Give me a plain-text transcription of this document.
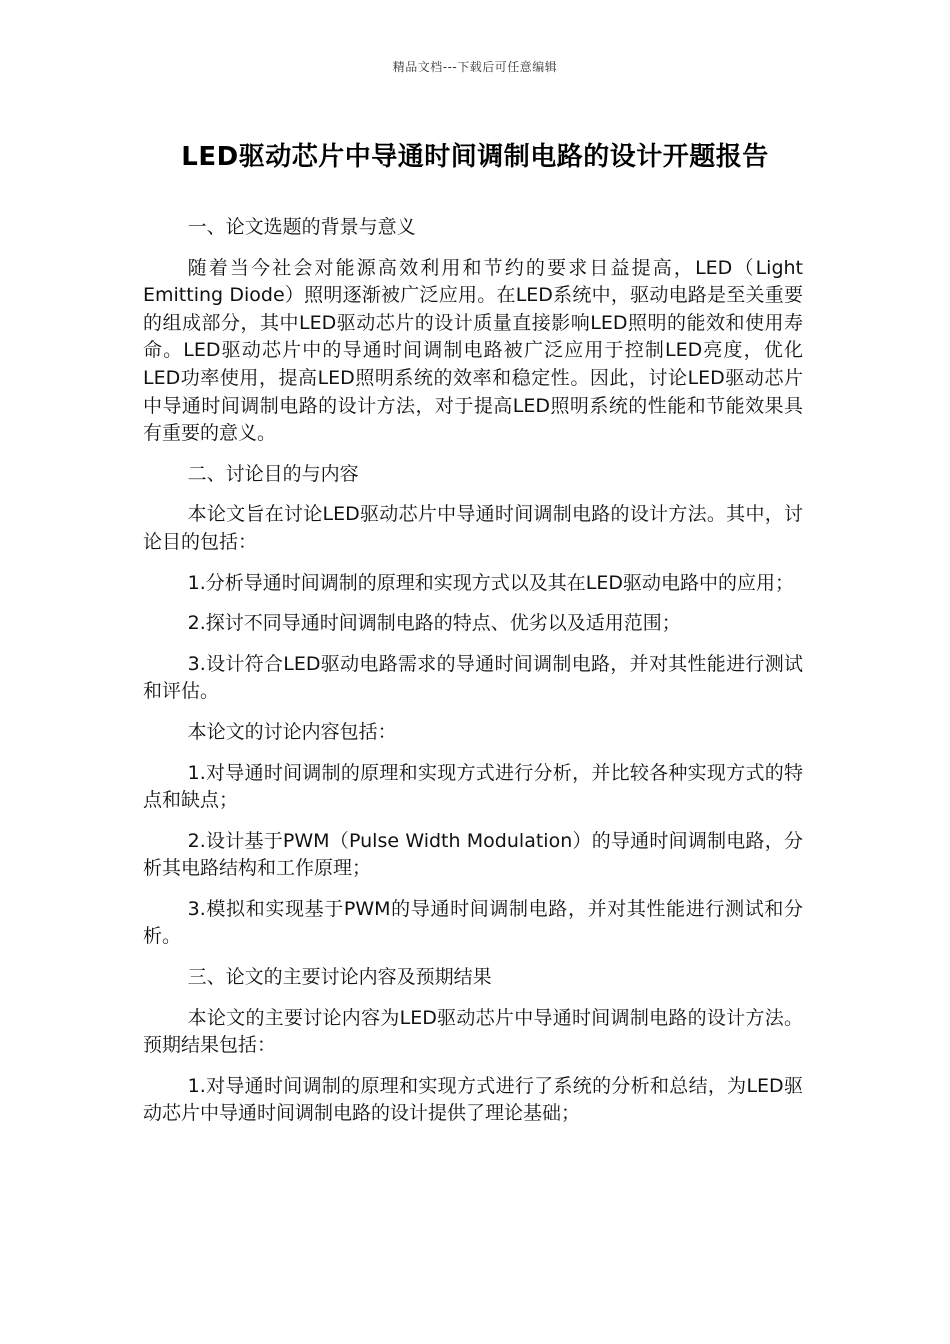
精品文档---下载后可任意编辑
LED驱动芯片中导通时间调制电路的设计开题报告

一、论文选题的背景与意义

随着当今社会对能源高效利用和节约的要求日益提高，LED（Light Emitting Diode）照明逐渐被广泛应用。在LED系统中，驱动电路是至关重要的组成部分，其中LED驱动芯片的设计质量直接影响LED照明的能效和使用寿命。LED驱动芯片中的导通时间调制电路被广泛应用于控制LED亮度，优化LED功率使用，提高LED照明系统的效率和稳定性。因此，讨论LED驱动芯片中导通时间调制电路的设计方法，对于提高LED照明系统的性能和节能效果具有重要的意义。

二、讨论目的与内容

本论文旨在讨论LED驱动芯片中导通时间调制电路的设计方法。其中，讨论目的包括：

1.分析导通时间调制的原理和实现方式以及其在LED驱动电路中的应用；

2.探讨不同导通时间调制电路的特点、优劣以及适用范围；

3.设计符合LED驱动电路需求的导通时间调制电路，并对其性能进行测试和评估。

本论文的讨论内容包括：

1.对导通时间调制的原理和实现方式进行分析，并比较各种实现方式的特点和缺点；

2.设计基于PWM（Pulse Width Modulation）的导通时间调制电路，分析其电路结构和工作原理；

3.模拟和实现基于PWM的导通时间调制电路，并对其性能进行测试和分析。

三、论文的主要讨论内容及预期结果

本论文的主要讨论内容为LED驱动芯片中导通时间调制电路的设计方法。预期结果包括：

1.对导通时间调制的原理和实现方式进行了系统的分析和总结，为LED驱动芯片中导通时间调制电路的设计提供了理论基础；
